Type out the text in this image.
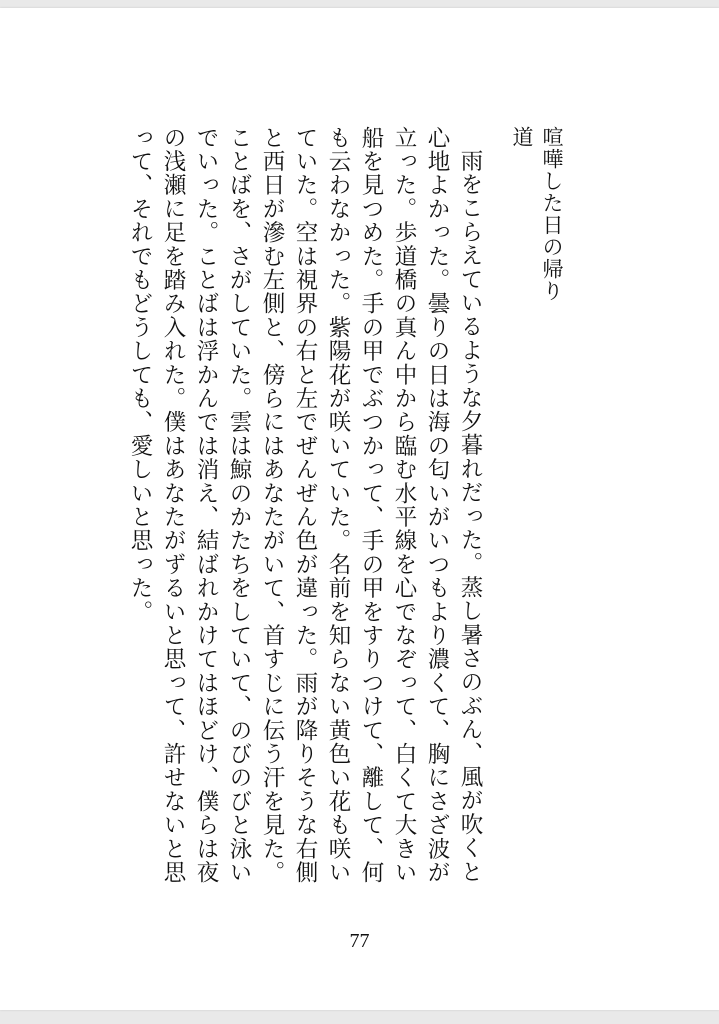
喧嘩した日の帰り道

雨をこらえているような夕暮れだった。蒸し暑さのぶん、風が吹くと心地よかった。曇りの日は海の匂いがいつもより濃くて、胸にさざ波が立った。歩道橋の真ん中から臨む水平線を心でなぞって、白くて大きい船を見つめた。手の甲でぶつかって、手の甲をすりつけて、離して、何も云わなかった。紫陽花が咲いていた。名前を知らない黄色い花も咲いていた。空は視界の右と左でぜんぜん色が違った。雨が降りそうな右側と西日が滲む左側と、傍らにはあなたがいて、首すじに伝う汗を見た。ことばを、さがしていた。雲は鯨のかたちをしていて、のびのびと泳いでいった。ことばは浮かんでは消え、結ばれかけてはほどけ、僕らは夜の浅瀬に足を踏み入れた。僕はあなたがずるいと思って、許せないと思って、それでもどうしても、愛しいと思った。

77
